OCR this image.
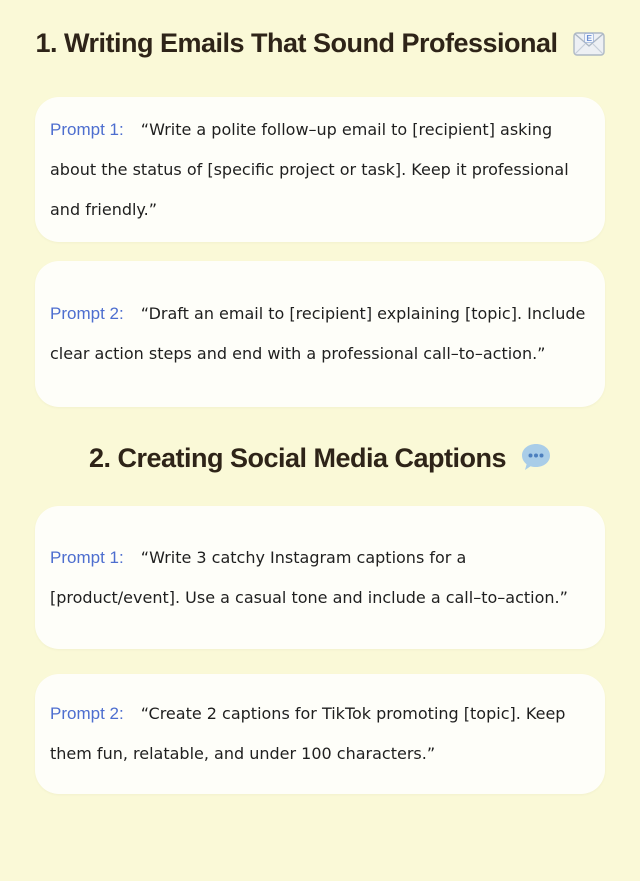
1. Writing Emails That Sound Professional	E

Prompt 1: “Write a polite follow–up email to [recipient] asking about the status of [specific project or task]. Keep it professional and friendly.”

Prompt 2: “Draft an email to [recipient] explaining [topic]. Include clear action steps and end with a professional call–to–action.”

2. Creating Social Media Captions

Prompt 1: “Write 3 catchy Instagram captions for a [product/event]. Use a casual tone and include a call–to–action.”

Prompt 2: “Create 2 captions for TikTok promoting [topic]. Keep them fun, relatable, and under 100 characters.”
